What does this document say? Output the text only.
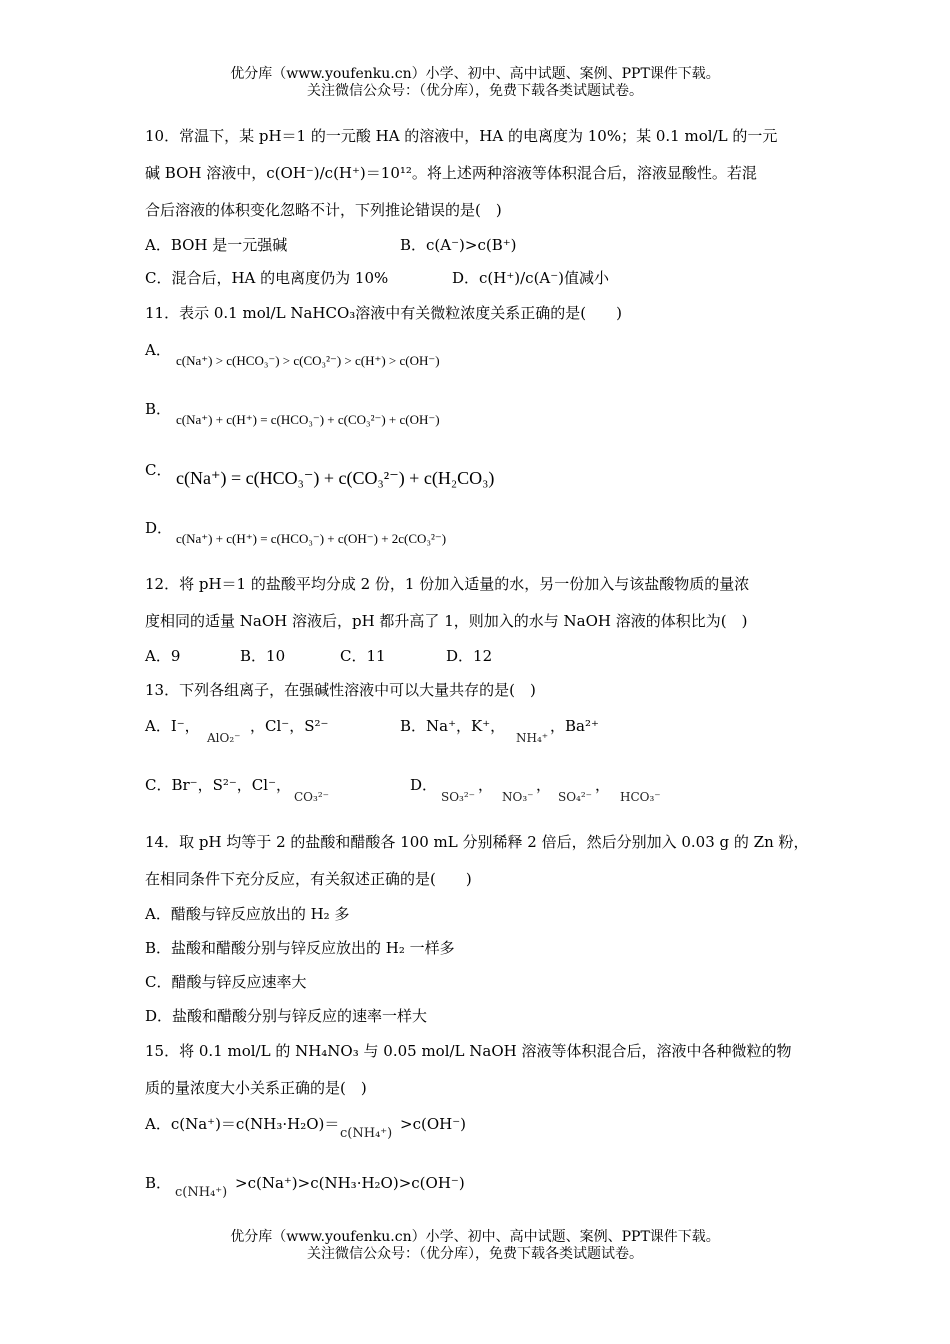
优分库（www.youfenku.cn）小学、初中、高中试题、案例、PPT课件下载。
关注微信公众号：（优分库），免费下载各类试题试卷。
10．常温下，某 pH＝1 的一元酸 HA 的溶液中，HA 的电离度为 10%；某 0.1 mol/L 的一元
碱 BOH 溶液中，c(OH⁻)/c(H⁺)＝10¹²。将上述两种溶液等体积混合后，溶液显酸性。若混
合后溶液的体积变化忽略不计，下列推论错误的是(　)
A．BOH 是一元强碱	B．c(A⁻)>c(B⁺)
C．混合后，HA 的电离度仍为 10%	D．c(H⁺)/c(A⁻)值减小
11．表示 0.1 mol/L NaHCO₃溶液中有关微粒浓度关系正确的是(　　)
A．
c(Na⁺) > c(HCO₃⁻) > c(CO₃²⁻) > c(H⁺) > c(OH⁻)
B．
c(Na⁺) + c(H⁺) = c(HCO₃⁻) + c(CO₃²⁻) + c(OH⁻)
C． c(Na⁺) = c(HCO₃⁻) + c(CO₃²⁻) + c(H₂CO₃)
D．
c(Na⁺) + c(H⁺) = c(HCO₃⁻) + c(OH⁻) + 2c(CO₃²⁻)
12．将 pH＝1 的盐酸平均分成 2 份，1 份加入适量的水，另一份加入与该盐酸物质的量浓
度相同的适量 NaOH 溶液后，pH 都升高了 1，则加入的水与 NaOH 溶液的体积比为(　)
A．9	B．10	C．11	D．12
13．下列各组离子，在强碱性溶液中可以大量共存的是(　)
A．I⁻，
AlO₂⁻
，Cl⁻，S²⁻	B．Na⁺，K⁺，
NH₄⁺
，Ba²⁺
C．Br⁻，S²⁻，Cl⁻，
CO₃²⁻
D．
SO₃²⁻
，
NO₃⁻
，
SO₄²⁻
，
HCO₃⁻
14．取 pH 均等于 2 的盐酸和醋酸各 100 mL 分别稀释 2 倍后，然后分别加入 0.03 g 的 Zn 粉，
在相同条件下充分反应，有关叙述正确的是(　　)
A．醋酸与锌反应放出的 H₂ 多
B．盐酸和醋酸分别与锌反应放出的 H₂ 一样多
C．醋酸与锌反应速率大
D．盐酸和醋酸分别与锌反应的速率一样大
15．将 0.1 mol/L 的 NH₄NO₃ 与 0.05 mol/L NaOH 溶液等体积混合后，溶液中各种微粒的物
质的量浓度大小关系正确的是(　)
A．c(Na⁺)＝c(NH₃·H₂O)＝
c(NH₄⁺)
>c(OH⁻)
B．
c(NH₄⁺)
>c(Na⁺)>c(NH₃·H₂O)>c(OH⁻)
优分库（www.youfenku.cn）小学、初中、高中试题、案例、PPT课件下载。
关注微信公众号：（优分库），免费下载各类试题试卷。
